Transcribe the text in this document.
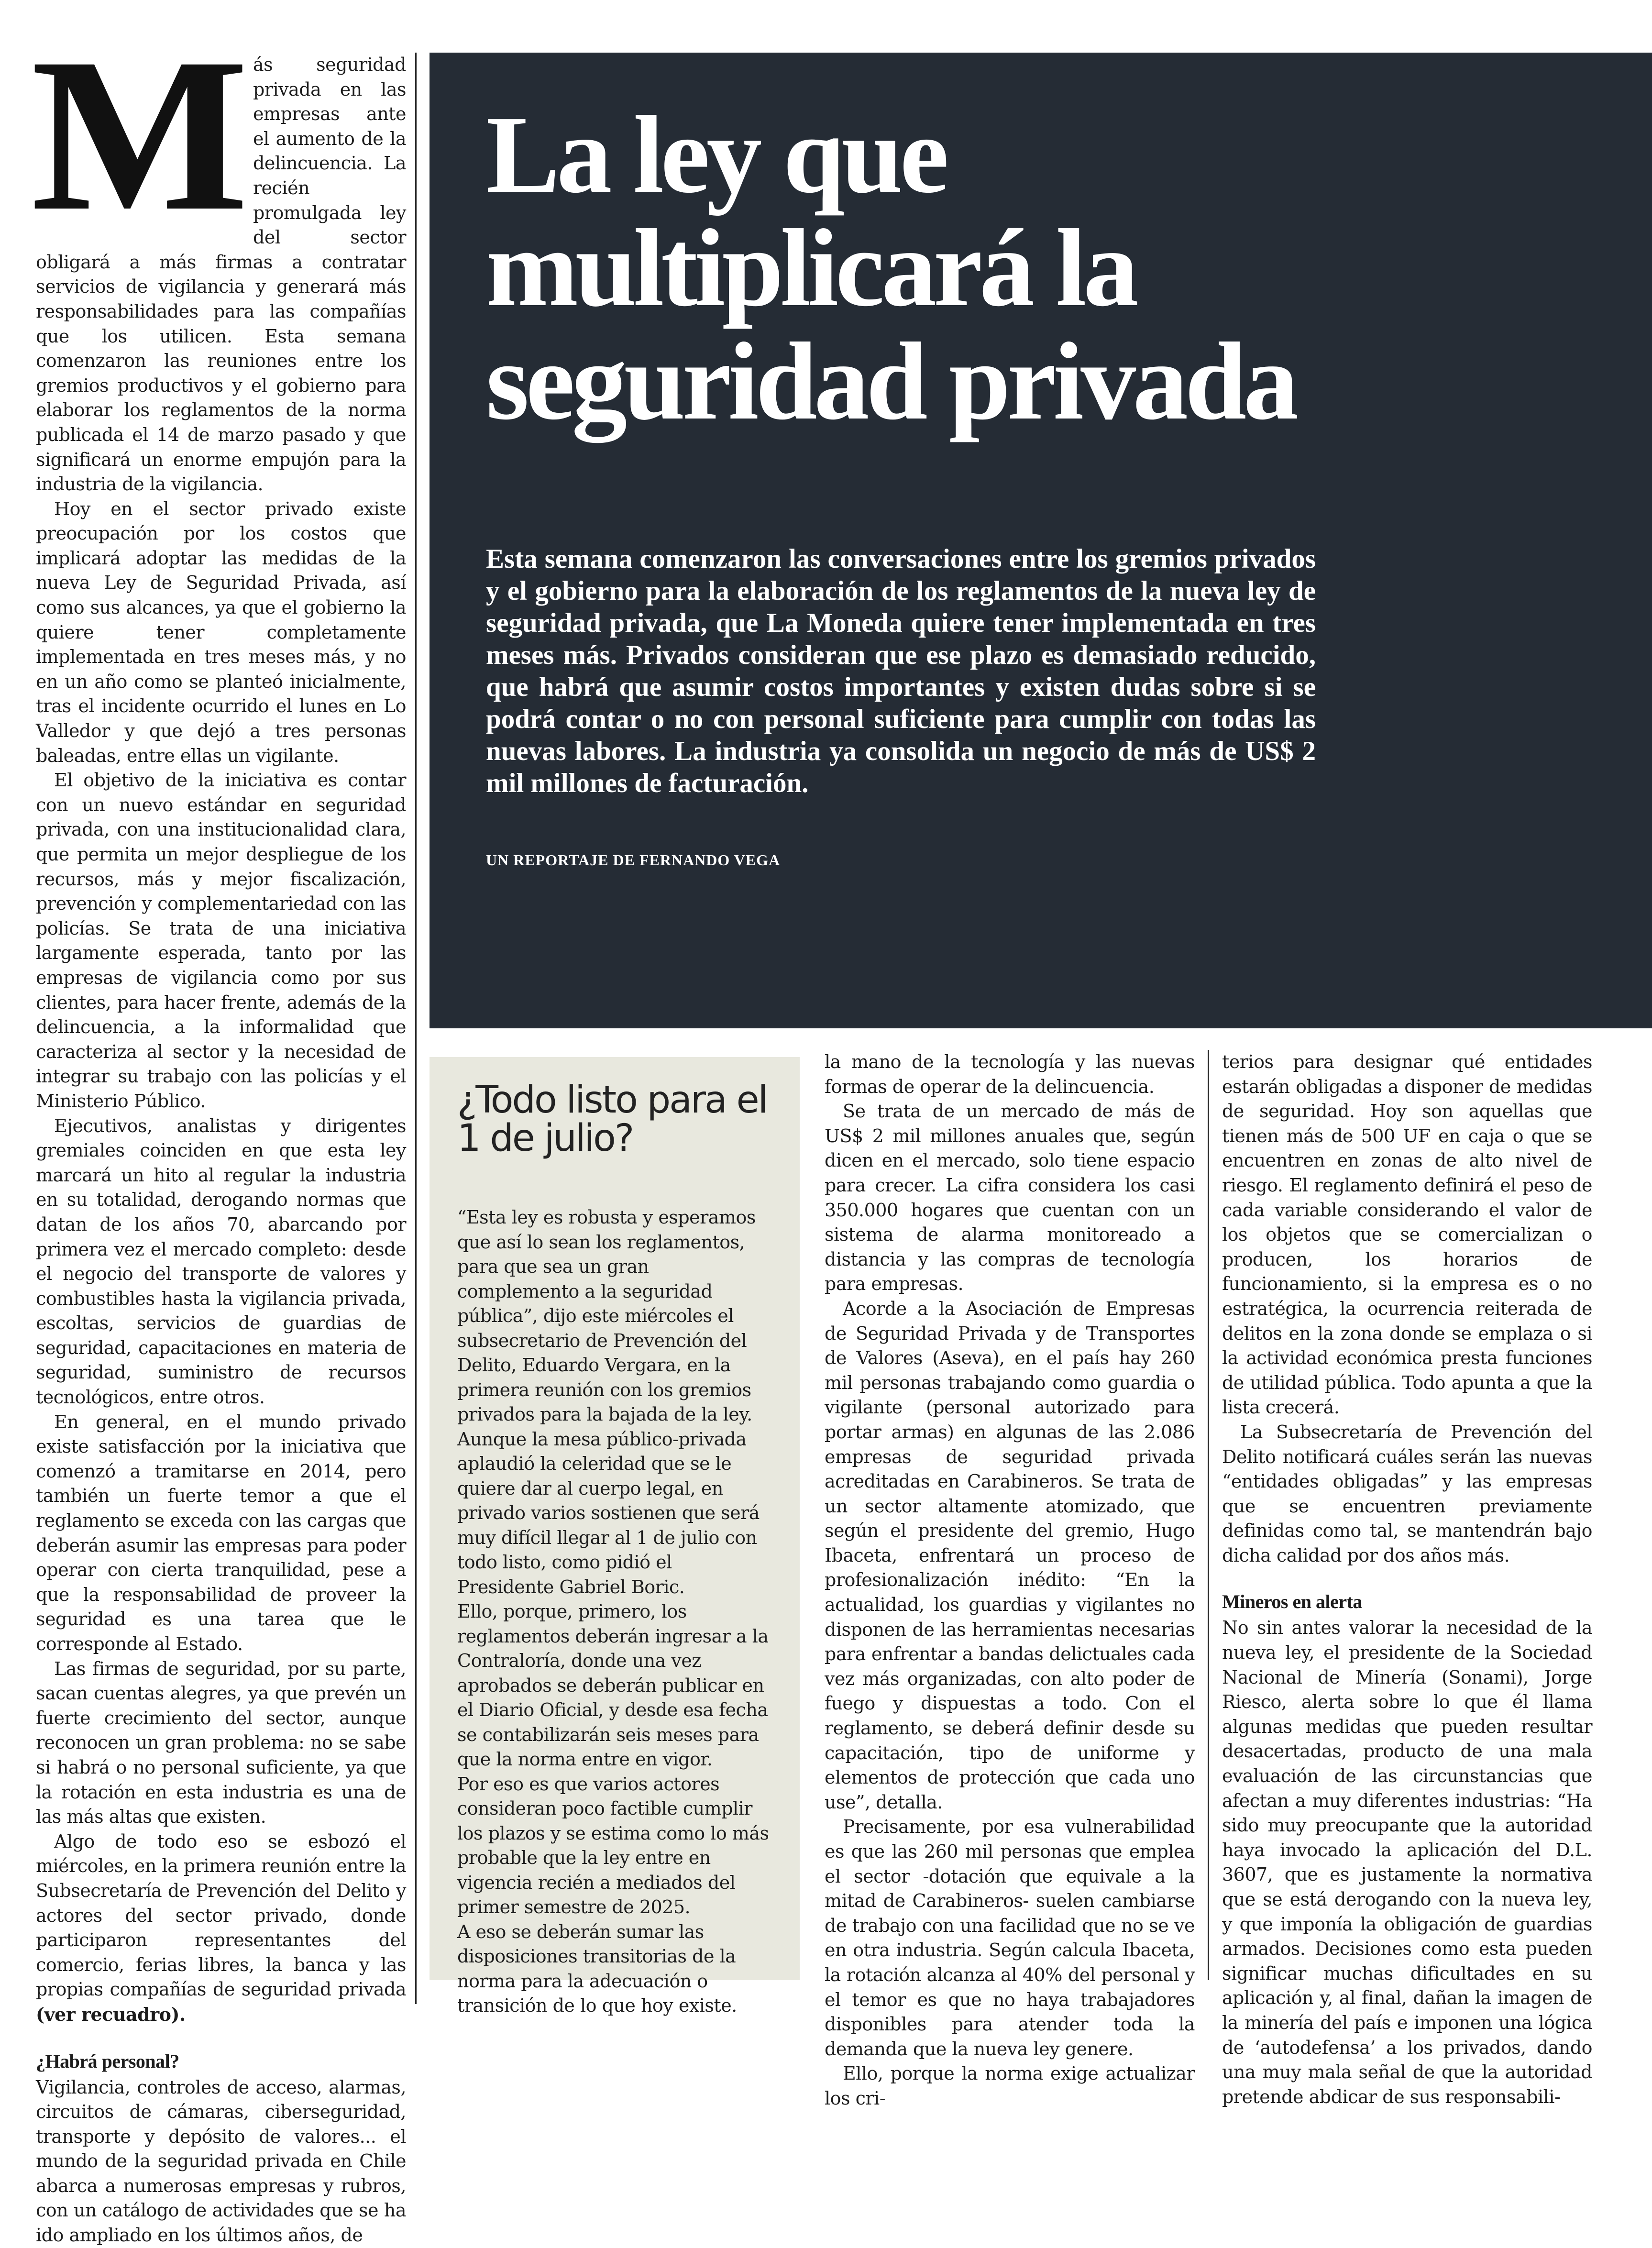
M ás seguridad privada en las empresas ante el aumento de la delincuencia. La recién promulgada ley del sector obligará a más firmas a contratar servicios de vigilancia y generará más responsabilidades para las compañías que los utilicen. Esta semana comenzaron las reuniones entre los gremios productivos y el gobierno para elaborar los reglamentos de la norma publicada el 14 de marzo pasado y que significará un enorme empujón para la industria de la vigilancia.

Hoy en el sector privado existe preocupación por los costos que implicará adoptar las medidas de la nueva Ley de Seguridad Privada, así como sus alcances, ya que el gobierno la quiere tener completamente implementada en tres meses más, y no en un año como se planteó inicialmente, tras el incidente ocurrido el lunes en Lo Valledor y que dejó a tres personas baleadas, entre ellas un vigilante.

El objetivo de la iniciativa es contar con un nuevo estándar en seguridad privada, con una institucionalidad clara, que permita un mejor despliegue de los recursos, más y mejor fiscalización, prevención y complementariedad con las policías. Se trata de una iniciativa largamente esperada, tanto por las empresas de vigilancia como por sus clientes, para hacer frente, además de la delincuencia, a la informalidad que caracteriza al sector y la necesidad de integrar su trabajo con las policías y el Ministerio Público.

Ejecutivos, analistas y dirigentes gremiales coinciden en que esta ley marcará un hito al regular la industria en su totalidad, derogando normas que datan de los años 70, abarcando por primera vez el mercado completo: desde el negocio del transporte de valores y combustibles hasta la vigilancia privada, escoltas, servicios de guardias de seguridad, capacitaciones en materia de seguridad, suministro de recursos tecnológicos, entre otros.

En general, en el mundo privado existe satisfacción por la iniciativa que comenzó a tramitarse en 2014, pero también un fuerte temor a que el reglamento se exceda con las cargas que deberán asumir las empresas para poder operar con cierta tranquilidad, pese a que la responsabilidad de proveer la seguridad es una tarea que le corresponde al Estado.

Las firmas de seguridad, por su parte, sacan cuentas alegres, ya que prevén un fuerte crecimiento del sector, aunque reconocen un gran problema: no se sabe si habrá o no personal suficiente, ya que la rotación en esta industria es una de las más altas que existen.

Algo de todo eso se esbozó el miércoles, en la primera reunión entre la Subsecretaría de Prevención del Delito y actores del sector privado, donde participaron representantes del comercio, ferias libres, la banca y las propias compañías de seguridad privada (ver recuadro).

¿Habrá personal?

Vigilancia, controles de acceso, alarmas, circuitos de cámaras, ciberseguridad, transporte y depósito de valores... el mundo de la seguridad privada en Chile abarca a numerosas empresas y rubros, con un catálogo de actividades que se ha ido ampliado en los últimos años, de

La ley que
multiplicará la
seguridad privada

Esta semana comenzaron las conversaciones entre los gremios privados y el gobierno para la elaboración de los reglamentos de la nueva ley de seguridad privada, que La Moneda quiere tener implementada en tres meses más. Privados consideran que ese plazo es demasiado reducido, que habrá que asumir costos importantes y existen dudas sobre si se podrá contar o no con personal suficiente para cumplir con todas las nuevas labores. La industria ya consolida un negocio de más de US$ 2 mil millones de facturación.

UN REPORTAJE DE FERNANDO VEGA

¿Todo listo para el 1 de julio?

“Esta ley es robusta y esperamos que así lo sean los reglamentos, para que sea un gran complemento a la seguridad pública”, dijo este miércoles el subsecretario de Prevención del Delito, Eduardo Vergara, en la primera reunión con los gremios privados para la bajada de la ley.

Aunque la mesa público-privada aplaudió la celeridad que se le quiere dar al cuerpo legal, en privado varios sostienen que será muy difícil llegar al 1 de julio con todo listo, como pidió el Presidente Gabriel Boric.

Ello, porque, primero, los reglamentos deberán ingresar a la Contraloría, donde una vez aprobados se deberán publicar en el Diario Oficial, y desde esa fecha se contabilizarán seis meses para que la norma entre en vigor.

Por eso es que varios actores consideran poco factible cumplir los plazos y se estima como lo más probable que la ley entre en vigencia recién a mediados del primer semestre de 2025.

A eso se deberán sumar las disposiciones transitorias de la norma para la adecuación o transición de lo que hoy existe.

la mano de la tecnología y las nuevas formas de operar de la delincuencia.

Se trata de un mercado de más de US$ 2 mil millones anuales que, según dicen en el mercado, solo tiene espacio para crecer. La cifra considera los casi 350.000 hogares que cuentan con un sistema de alarma monitoreado a distancia y las compras de tecnología para empresas.

Acorde a la Asociación de Empresas de Seguridad Privada y de Transportes de Valores (Aseva), en el país hay 260 mil personas trabajando como guardia o vigilante (personal autorizado para portar armas) en algunas de las 2.086 empresas de seguridad privada acreditadas en Carabineros. Se trata de un sector altamente atomizado, que según el presidente del gremio, Hugo Ibaceta, enfrentará un proceso de profesionalización inédito: “En la actualidad, los guardias y vigilantes no disponen de las herramientas necesarias para enfrentar a bandas delictuales cada vez más organizadas, con alto poder de fuego y dispuestas a todo. Con el reglamento, se deberá definir desde su capacitación, tipo de uniforme y elementos de protección que cada uno use”, detalla.

Precisamente, por esa vulnerabilidad es que las 260 mil personas que emplea el sector -dotación que equivale a la mitad de Carabineros- suelen cambiarse de trabajo con una facilidad que no se ve en otra industria. Según calcula Ibaceta, la rotación alcanza al 40% del personal y el temor es que no haya trabajadores disponibles para atender toda la demanda que la nueva ley genere.

Ello, porque la norma exige actualizar los cri-

terios para designar qué entidades estarán obligadas a disponer de medidas de seguridad. Hoy son aquellas que tienen más de 500 UF en caja o que se encuentren en zonas de alto nivel de riesgo. El reglamento definirá el peso de cada variable considerando el valor de los objetos que se comercializan o producen, los horarios de funcionamiento, si la empresa es o no estratégica, la ocurrencia reiterada de delitos en la zona donde se emplaza o si la actividad económica presta funciones de utilidad pública. Todo apunta a que la lista crecerá.

La Subsecretaría de Prevención del Delito notificará cuáles serán las nuevas “entidades obligadas” y las empresas que se encuentren previamente definidas como tal, se mantendrán bajo dicha calidad por dos años más.

Mineros en alerta

No sin antes valorar la necesidad de la nueva ley, el presidente de la Sociedad Nacional de Minería (Sonami), Jorge Riesco, alerta sobre lo que él llama algunas medidas que pueden resultar desacertadas, producto de una mala evaluación de las circunstancias que afectan a muy diferentes industrias: “Ha sido muy preocupante que la autoridad haya invocado la aplicación del D.L. 3607, que es justamente la normativa que se está derogando con la nueva ley, y que imponía la obligación de guardias armados. Decisiones como esta pueden significar muchas dificultades en su aplicación y, al final, dañan la imagen de la minería del país e imponen una lógica de ‘autodefensa’ a los privados, dando una muy mala señal de que la autoridad pretende abdicar de sus responsabili-
